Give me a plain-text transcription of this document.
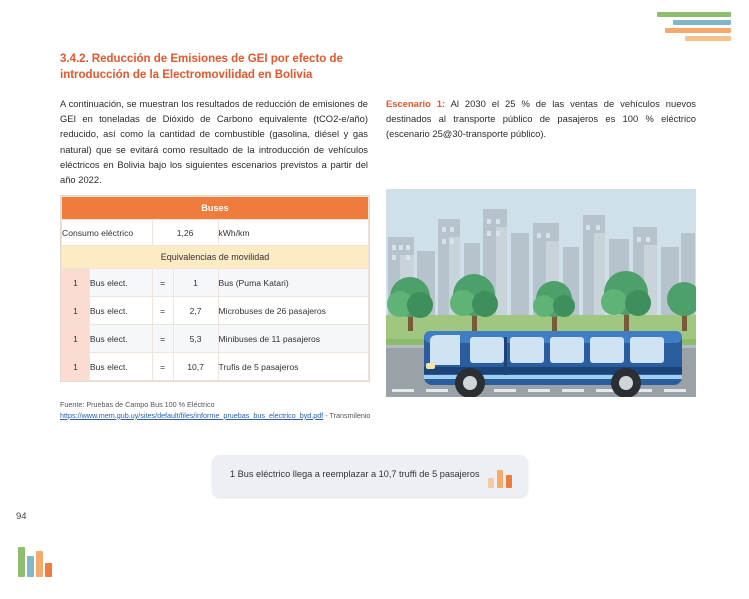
3.4.2. Reducción de Emisiones de GEI por efecto de introducción de la Electromovilidad en Bolivia
A continuación, se muestran los resultados de reducción de emisiones de GEI en toneladas de Dióxido de Carbono equivalente (tCO2-e/año) reducido, así como la cantidad de combustible (gasolina, diésel y gas natural) que se evitará como resultado de la introducción de vehículos eléctricos en Bolivia bajo los siguientes escenarios previstos a partir del año 2022.
Escenario 1: Al 2030 el 25 % de las ventas de vehículos nuevos destinados al transporte público de pasajeros es 100 % eléctrico (escenario 25@30-transporte público).
Buses				
Consumo eléctrico		1,26		kWh/km
Equivalencias de movilidad				
1	Bus elect.	=	1	Bus (Puma Katari)
1	Bus elect.	=	2,7	Microbuses de 26 pasajeros
1	Bus elect.	=	5,3	Minibuses de 11 pasajeros
1	Bus elect.	=	10,7	Trufis de 5 pasajeros
Fuente: Pruebas de Campo Bus 100 % Eléctrico
https://www.mem.gub.uy/sites/default/files/informe_pruebas_bus_electrico_byd.pdf - Transmilenio
1 Bus eléctrico llega a reemplazar a 10,7 truffi de 5 pasajeros
94
